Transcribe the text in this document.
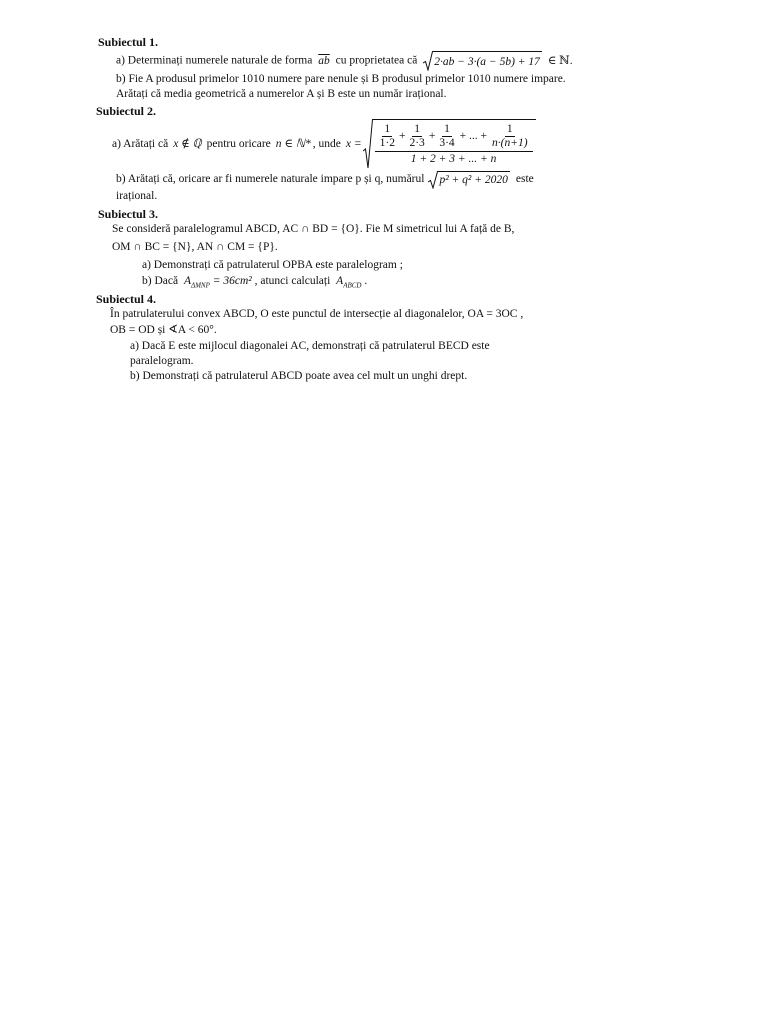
Subiectul 1.
a) Determinați numerele naturale de forma $\overline{ab}$ cu proprietatea că 2·ab − 3·(a − 5b) + 17 ∈ ℕ.
b) Fie A produsul primelor 1010 numere pare nenule și B produsul primelor 1010 numere impare.
Arătați că media geometrică a numerelor A și B este un număr irațional.
Subiectul 2.
a) Arătați că x ∉ ℚ pentru oricare n ∈ ℕ* , unde $x = \frac{1}{1\cdot 2} + \frac{1}{2\cdot 3} + \frac{1}{3\cdot 4}$ + ... + $\frac{1}{n\cdot(n+1)}$
1 + 2 + 3 + ... + n
b) Arătați că, oricare ar fi numerele naturale impare p și q, numărul p² + q² + 2020 este
irațional.
Subiectul 3.
Se consideră paralelogramul ABCD, AC ∩ BD = {O}. Fie M simetricul lui A față de B,
OM ∩ BC = {N}, AN ∩ CM = {P}.
a) Demonstrați că patrulaterul OPBA este paralelogram ;
b) Dacă $A_{\Delta MNP} = 36cm^2$ , atunci calculați $A_{ABCD}$ .
Subiectul 4.
În patrulaterului convex ABCD, O este punctul de intersecție al diagonalelor, OA = 3OC ,
OB = OD și ∢A < 60°.
a) Dacă E este mijlocul diagonalei AC, demonstrați că patrulaterul BECD este
paralelogram.
b) Demonstrați că patrulaterul ABCD poate avea cel mult un unghi drept.
